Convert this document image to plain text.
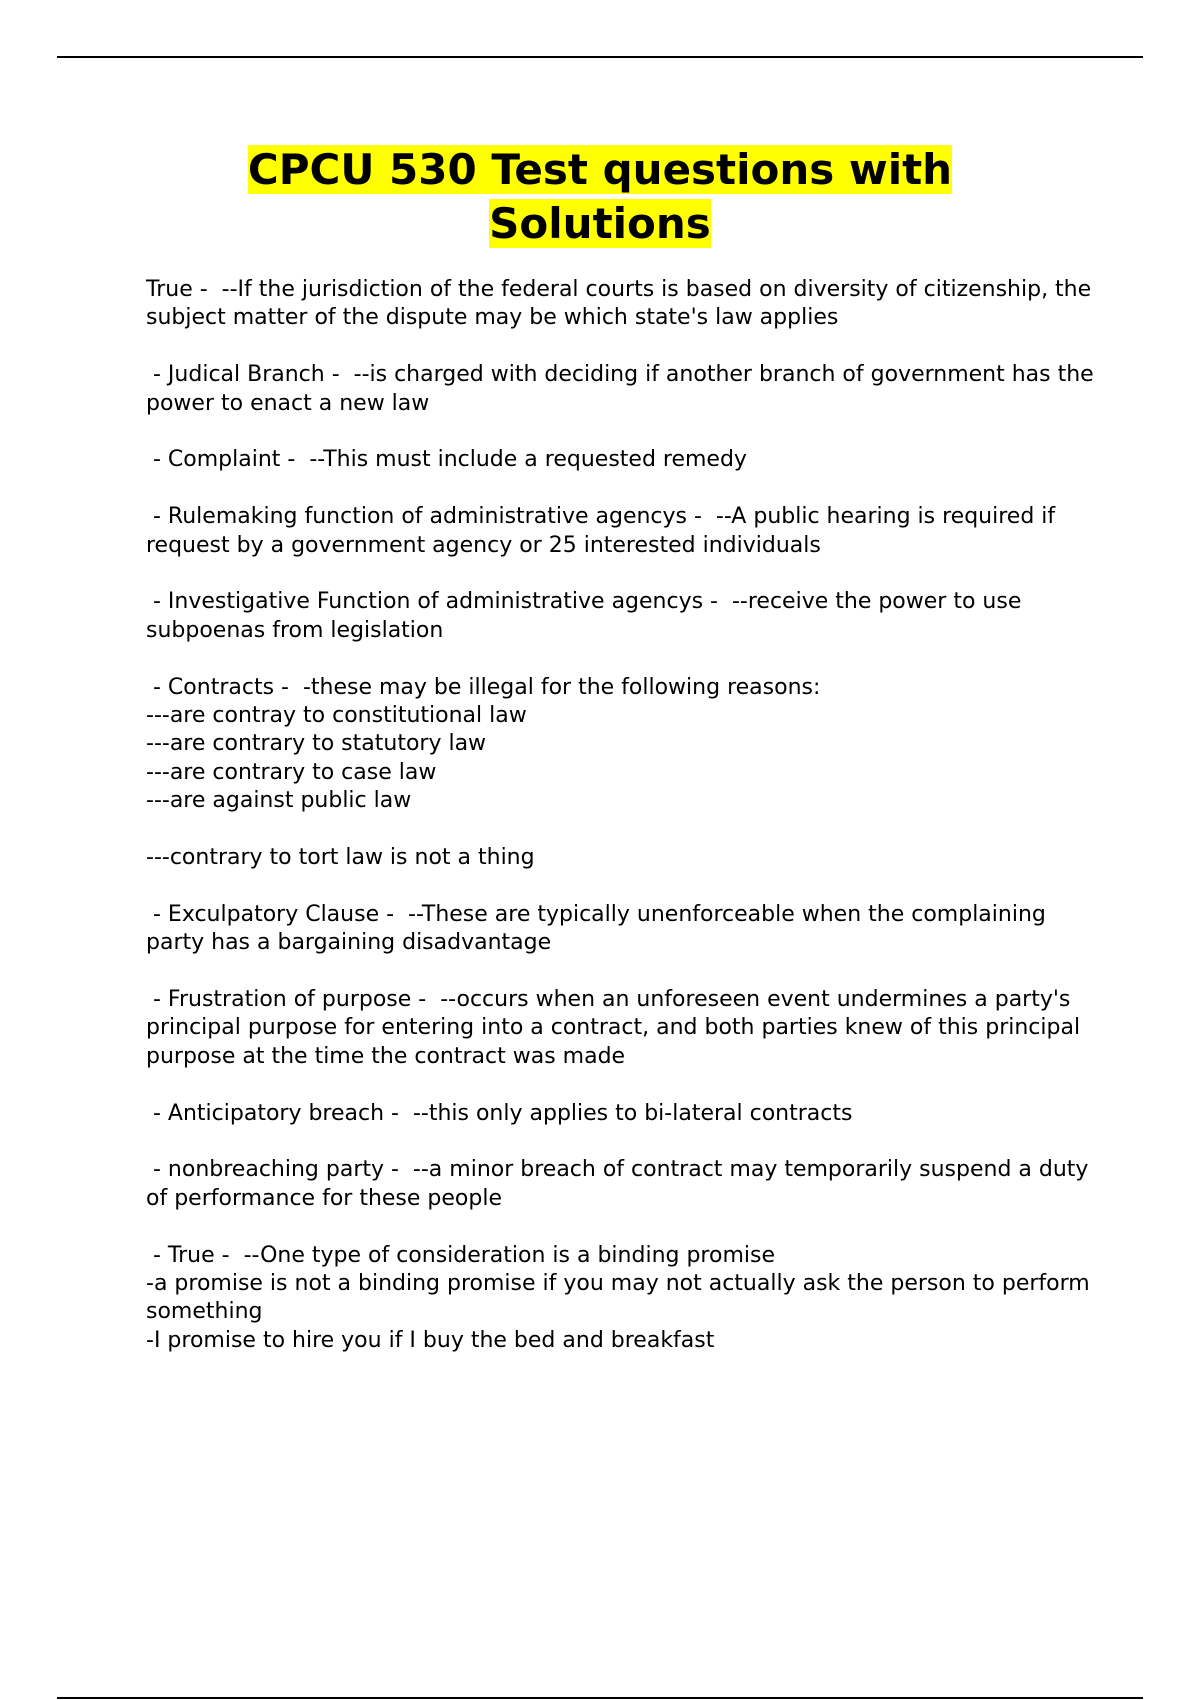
CPCU 530 Test questions with
Solutions
True -  --If the jurisdiction of the federal courts is based on diversity of citizenship, the subject matter of the dispute may be which state's law applies
- Judical Branch -  --is charged with deciding if another branch of government has the power to enact a new law
- Complaint -  --This must include a requested remedy
- Rulemaking function of administrative agencys -  --A public hearing is required if request by a government agency or 25 interested individuals
- Investigative Function of administrative agencys -  --receive the power to use subpoenas from legislation
- Contracts -  -these may be illegal for the following reasons:
---are contray to constitutional law
---are contrary to statutory law
---are contrary to case law
---are against public law
---contrary to tort law is not a thing
- Exculpatory Clause -  --These are typically unenforceable when the complaining party has a bargaining disadvantage
- Frustration of purpose -  --occurs when an unforeseen event undermines a party's principal purpose for entering into a contract, and both parties knew of this principal purpose at the time the contract was made
- Anticipatory breach -  --this only applies to bi-lateral contracts
- nonbreaching party -  --a minor breach of contract may temporarily suspend a duty of performance for these people
- True -  --One type of consideration is a binding promise
-a promise is not a binding promise if you may not actually ask the person to perform something
-I promise to hire you if I buy the bed and breakfast
